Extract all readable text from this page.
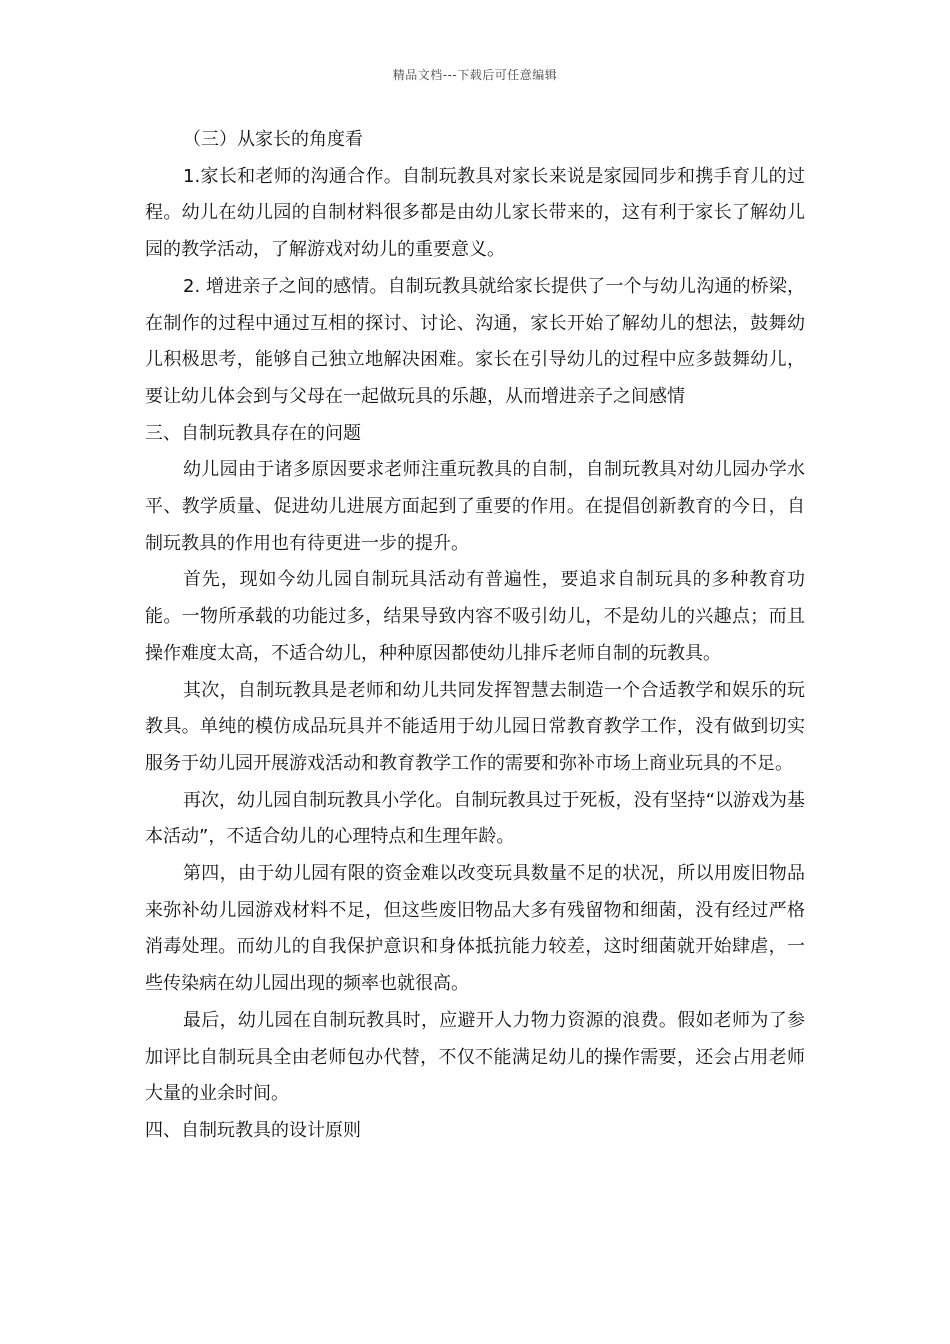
精品文档---下载后可任意编辑

（三）从家长的角度看

1.家长和老师的沟通合作。自制玩教具对家长来说是家园同步和携手育儿的过程。幼儿在幼儿园的自制材料很多都是由幼儿家长带来的，这有利于家长了解幼儿园的教学活动，了解游戏对幼儿的重要意义。

2. 增进亲子之间的感情。自制玩教具就给家长提供了一个与幼儿沟通的桥梁，在制作的过程中通过互相的探讨、讨论、沟通，家长开始了解幼儿的想法，鼓舞幼儿积极思考，能够自己独立地解决困难。家长在引导幼儿的过程中应多鼓舞幼儿，要让幼儿体会到与父母在一起做玩具的乐趣，从而增进亲子之间感情

三、自制玩教具存在的问题

幼儿园由于诸多原因要求老师注重玩教具的自制，自制玩教具对幼儿园办学水平、教学质量、促进幼儿进展方面起到了重要的作用。在提倡创新教育的今日，自制玩教具的作用也有待更进一步的提升。

首先，现如今幼儿园自制玩具活动有普遍性，要追求自制玩具的多种教育功能。一物所承载的功能过多，结果导致内容不吸引幼儿，不是幼儿的兴趣点；而且操作难度太高，不适合幼儿，种种原因都使幼儿排斥老师自制的玩教具。

其次，自制玩教具是老师和幼儿共同发挥智慧去制造一个合适教学和娱乐的玩教具。单纯的模仿成品玩具并不能适用于幼儿园日常教育教学工作，没有做到切实服务于幼儿园开展游戏活动和教育教学工作的需要和弥补市场上商业玩具的不足。

再次，幼儿园自制玩教具小学化。自制玩教具过于死板，没有坚持“以游戏为基本活动”，不适合幼儿的心理特点和生理年龄。

第四，由于幼儿园有限的资金难以改变玩具数量不足的状况，所以用废旧物品来弥补幼儿园游戏材料不足，但这些废旧物品大多有残留物和细菌，没有经过严格消毒处理。而幼儿的自我保护意识和身体抵抗能力较差，这时细菌就开始肆虐，一些传染病在幼儿园出现的频率也就很高。

最后，幼儿园在自制玩教具时，应避开人力物力资源的浪费。假如老师为了参加评比自制玩具全由老师包办代替，不仅不能满足幼儿的操作需要，还会占用老师大量的业余时间。

四、自制玩教具的设计原则
